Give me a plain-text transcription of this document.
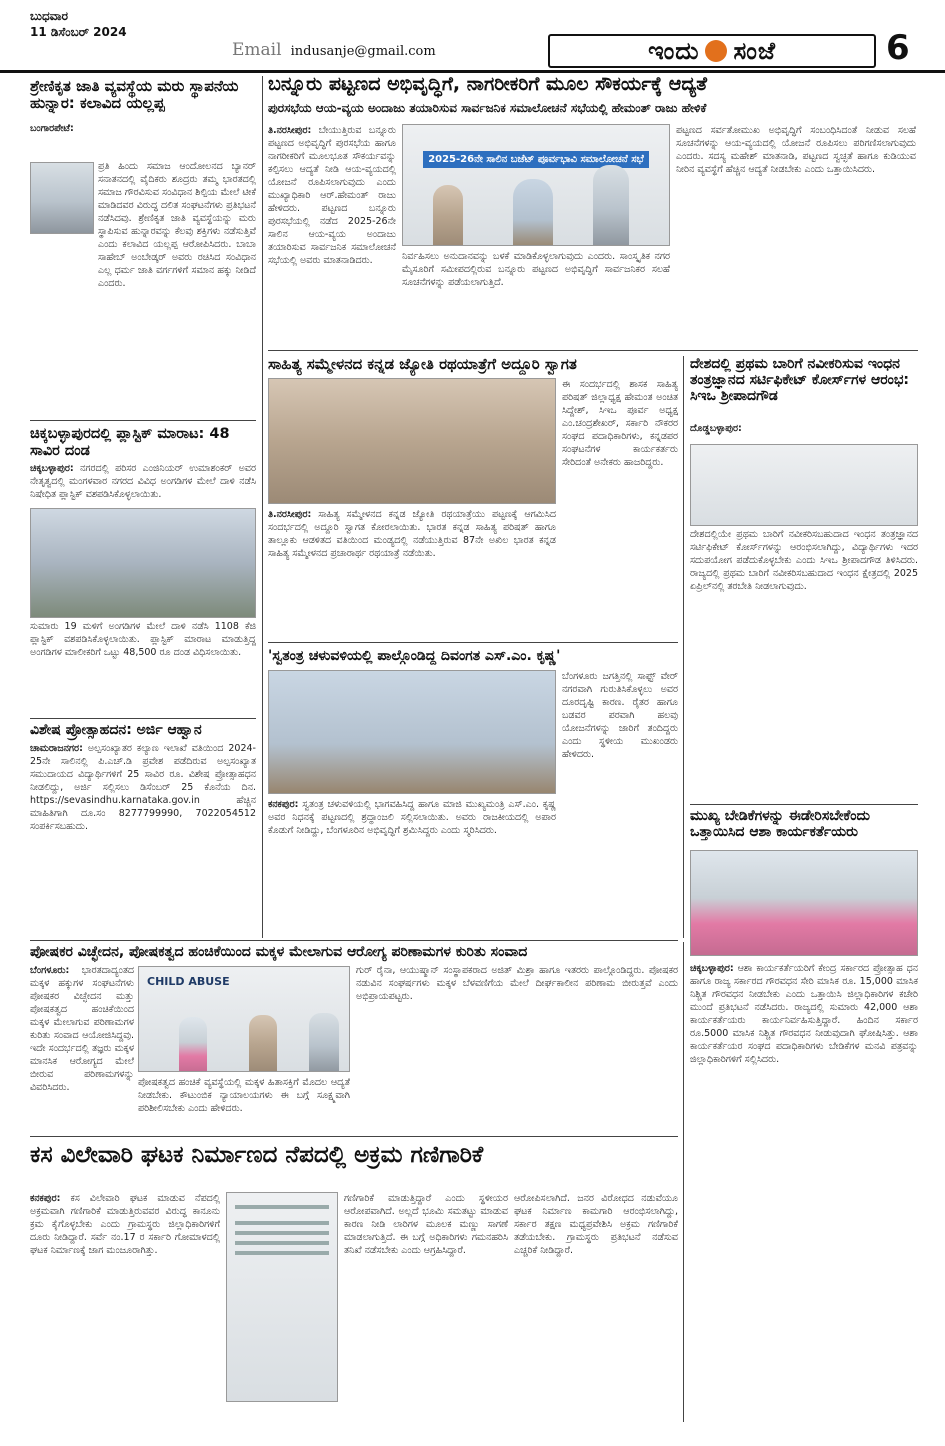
ಬುಧವಾರ
11 ಡಿಸೆಂಬರ್ 2024
Email indusanje@gmail.com	ಇಂದು ಸಂಜೆ	6
ಶ್ರೇಣಿಕೃತ ಜಾತಿ ವ್ಯವಸ್ಥೆಯ ಮರು ಸ್ಥಾಪನೆಯ ಹುನ್ನಾರ: ಕಲಾವಿದ ಯಲ್ಲಪ್ಪ
ಬಂಗಾರಪೇಟೆ:
ಪ್ರತಿ ಹಿಂದು ಸಮಾಜ ಆಂದೋಲನದ ಬ್ಯಾನರ್ ಸನಾತನದಲ್ಲಿ ವೈದಿಕರು ಶೂದ್ರರು ತಮ್ಮ ಭಾರತದಲ್ಲಿ ಸಮಾಜ ಗೌರವಿಸುವ ಸಂವಿಧಾನ ಶಿಲ್ಪಿಯ ಮೇಲೆ ಟೀಕೆ ಮಾಡಿದವರ ವಿರುದ್ಧ ದಲಿತ ಸಂಘಟನೆಗಳು ಪ್ರತಿಭಟನೆ ನಡೆಸಿದವು. ಶ್ರೇಣಿಕೃತ ಜಾತಿ ವ್ಯವಸ್ಥೆಯನ್ನು ಮರು ಸ್ಥಾಪಿಸುವ ಹುನ್ನಾರವನ್ನು ಕೆಲವು ಶಕ್ತಿಗಳು ನಡೆಸುತ್ತಿವೆ ಎಂದು ಕಲಾವಿದ ಯಲ್ಲಪ್ಪ ಆರೋಪಿಸಿದರು. ಬಾಬಾ ಸಾಹೇಬ್ ಅಂಬೇಡ್ಕರ್ ಅವರು ರಚಿಸಿದ ಸಂವಿಧಾನ ಎಲ್ಲ ಧರ್ಮ ಜಾತಿ ವರ್ಗಗಳಿಗೆ ಸಮಾನ ಹಕ್ಕು ನೀಡಿದೆ ಎಂದರು.
ಚಿಕ್ಕಬಳ್ಳಾಪುರದಲ್ಲಿ ಪ್ಲಾಸ್ಟಿಕ್ ಮಾರಾಟ: 48 ಸಾವಿರ ದಂಡ
ಚಿಕ್ಕಬಳ್ಳಾಪುರ: ನಗರದಲ್ಲಿ ಪರಿಸರ ಎಂಜಿನಿಯರ್ ಉಮಾಶಂಕರ್ ಅವರ ನೇತೃತ್ವದಲ್ಲಿ ಮಂಗಳವಾರ ನಗರದ ವಿವಿಧ ಅಂಗಡಿಗಳ ಮೇಲೆ ದಾಳಿ ನಡೆಸಿ ನಿಷೇಧಿತ ಪ್ಲಾಸ್ಟಿಕ್ ವಶಪಡಿಸಿಕೊಳ್ಳಲಾಯಿತು.
ಸುಮಾರು 19 ಮಳಿಗೆ ಅಂಗಡಿಗಳ ಮೇಲೆ ದಾಳಿ ನಡೆಸಿ 1108 ಕೆಜಿ ಪ್ಲಾಸ್ಟಿಕ್ ವಶಪಡಿಸಿಕೊಳ್ಳಲಾಯಿತು. ಪ್ಲಾಸ್ಟಿಕ್ ಮಾರಾಟ ಮಾಡುತ್ತಿದ್ದ ಅಂಗಡಿಗಳ ಮಾಲೀಕರಿಗೆ ಒಟ್ಟು 48,500 ರೂ ದಂಡ ವಿಧಿಸಲಾಯಿತು.
ವಿಶೇಷ ಪ್ರೋತ್ಸಾಹದನ: ಅರ್ಜಿ ಆಹ್ವಾನ
ಚಾಮರಾಜನಗರ: ಅಲ್ಪಸಂಖ್ಯಾತರ ಕಲ್ಯಾಣ ಇಲಾಖೆ ವತಿಯಿಂದ 2024-25ನೇ ಸಾಲಿನಲ್ಲಿ ಪಿ.ಎಚ್.ಡಿ ಪ್ರವೇಶ ಪಡೆದಿರುವ ಅಲ್ಪಸಂಖ್ಯಾತ ಸಮುದಾಯದ ವಿದ್ಯಾರ್ಥಿಗಳಿಗೆ 25 ಸಾವಿರ ರೂ. ವಿಶೇಷ ಪ್ರೋತ್ಸಾಹಧನ ನೀಡಲಿದ್ದು, ಅರ್ಜಿ ಸಲ್ಲಿಸಲು ಡಿಸೆಂಬರ್ 25 ಕೊನೆಯ ದಿನ. https://sevasindhu.karnataka.gov.in ಹೆಚ್ಚಿನ ಮಾಹಿತಿಗಾಗಿ ದೂ.ಸಂ 8277799990, 7022054512 ಸಂಪರ್ಕಿಸಬಹುದು.
ಬನ್ನೂರು ಪಟ್ಟಣದ ಅಭಿವೃದ್ಧಿಗೆ, ನಾಗರೀಕರಿಗೆ ಮೂಲ ಸೌಕರ್ಯಕ್ಕೆ ಆದ್ಯತೆ
ಪುರಸಭೆಯ ಆಯ-ವ್ಯಯ ಅಂದಾಜು ತಯಾರಿಸುವ ಸಾರ್ವಜನಿಕ ಸಮಾಲೋಚನೆ ಸಭೆಯಲ್ಲಿ ಹೇಮಂತ್ ರಾಜು ಹೇಳಿಕೆ
ತಿ.ನರಸೀಪುರ: ಬೇಯುತ್ತಿರುವ ಬನ್ನೂರು ಪಟ್ಟಣದ ಅಭಿವೃದ್ಧಿಗೆ ಪುರಸಭೆಯ ಹಾಗೂ ನಾಗರೀಕರಿಗೆ ಮೂಲಭೂತ ಸೌಕರ್ಯವನ್ನು ಕಲ್ಪಿಸಲು ಆದ್ಯತೆ ನೀಡಿ ಆಯ-ವ್ಯಯದಲ್ಲಿ ಯೋಜನೆ ರೂಪಿಸಲಾಗುವುದು ಎಂದು ಮುಖ್ಯಾಧಿಕಾರಿ ಆರ್.ಹೇಮಂತ್ ರಾಜು ಹೇಳಿದರು. ಪಟ್ಟಣದ ಬನ್ನೂರು ಪುರಸಭೆಯಲ್ಲಿ ನಡೆದ 2025-26ನೇ ಸಾಲಿನ ಆಯ-ವ್ಯಯ ಅಂದಾಜು ತಯಾರಿಸುವ ಸಾರ್ವಜನಿಕ ಸಮಾಲೋಚನೆ ಸಭೆಯಲ್ಲಿ ಅವರು ಮಾತನಾಡಿದರು.
2025-26ನೇ ಸಾಲಿನ ಬಜೆಟ್ ಪೂರ್ವಭಾವಿ ಸಮಾಲೋಚನೆ ಸಭೆ
ನಿರ್ವಹಿಸಲು ಅನುದಾನವನ್ನು ಬಳಕೆ ಮಾಡಿಕೊಳ್ಳಲಾಗುವುದು ಎಂದರು. ಸಾಂಸ್ಕೃತಿಕ ನಗರ ಮೈಸೂರಿಗೆ ಸಮೀಪದಲ್ಲಿರುವ ಬನ್ನೂರು ಪಟ್ಟಣದ ಅಭಿವೃದ್ಧಿಗೆ ಸಾರ್ವಜನಿಕರ ಸಲಹೆ ಸೂಚನೆಗಳನ್ನು ಪಡೆಯಲಾಗುತ್ತಿದೆ.
ಪಟ್ಟಣದ ಸರ್ವತೋಮುಖ ಅಭಿವೃದ್ಧಿಗೆ ಸಂಬಂಧಿಸಿದಂತೆ ನೀಡುವ ಸಲಹೆ ಸೂಚನೆಗಳನ್ನು ಆಯ-ವ್ಯಯದಲ್ಲಿ ಯೋಜನೆ ರೂಪಿಸಲು ಪರಿಗಣಿಸಲಾಗುವುದು ಎಂದರು. ಸದಸ್ಯ ಮಹೇಶ್ ಮಾತನಾಡಿ, ಪಟ್ಟಣದ ಸ್ವಚ್ಛತೆ ಹಾಗೂ ಕುಡಿಯುವ ನೀರಿನ ವ್ಯವಸ್ಥೆಗೆ ಹೆಚ್ಚಿನ ಆದ್ಯತೆ ನೀಡಬೇಕು ಎಂದು ಒತ್ತಾಯಿಸಿದರು.
ಸಾಹಿತ್ಯ ಸಮ್ಮೇಳನದ ಕನ್ನಡ ಜ್ಯೋತಿ ರಥಯಾತ್ರೆಗೆ ಅದ್ದೂರಿ ಸ್ವಾಗತ
ಈ ಸಂದರ್ಭದಲ್ಲಿ ಶಾಸಕ ಸಾಹಿತ್ಯ ಪರಿಷತ್ ಜಿಲ್ಲಾಧ್ಯಕ್ಷ ಹೇಮಂತ ಅಂಚಿತ ಸಿದ್ದೇಶ್, ಸಿಇಒ ಪೂರ್ವ ಅಧ್ಯಕ್ಷ ಎಂ.ಚಂದ್ರಶೇಖರ್, ಸರ್ಕಾರಿ ನೌಕರರ ಸಂಘದ ಪದಾಧಿಕಾರಿಗಳು, ಕನ್ನಡಪರ ಸಂಘಟನೆಗಳ ಕಾರ್ಯಕರ್ತರು ಸೇರಿದಂತೆ ಅನೇಕರು ಹಾಜರಿದ್ದರು.
ತಿ.ನರಸೀಪುರ: ಸಾಹಿತ್ಯ ಸಮ್ಮೇಳನದ ಕನ್ನಡ ಜ್ಯೋತಿ ರಥಯಾತ್ರೆಯು ಪಟ್ಟಣಕ್ಕೆ ಆಗಮಿಸಿದ ಸಂದರ್ಭದಲ್ಲಿ ಅದ್ದೂರಿ ಸ್ವಾಗತ ಕೋರಲಾಯಿತು. ಭಾರತ ಕನ್ನಡ ಸಾಹಿತ್ಯ ಪರಿಷತ್ ಹಾಗೂ ತಾಲ್ಲೂಕು ಆಡಳಿತದ ವತಿಯಿಂದ ಮಂಡ್ಯದಲ್ಲಿ ನಡೆಯುತ್ತಿರುವ 87ನೇ ಅಖಿಲ ಭಾರತ ಕನ್ನಡ ಸಾಹಿತ್ಯ ಸಮ್ಮೇಳನದ ಪ್ರಚಾರಾರ್ಥ ರಥಯಾತ್ರೆ ನಡೆಯಿತು.
'ಸ್ವತಂತ್ರ ಚಳುವಳಿಯಲ್ಲಿ ಪಾಲ್ಗೊಂಡಿದ್ದ ದಿವಂಗತ ಎಸ್.ಎಂ. ಕೃಷ್ಣ'
ಬೆಂಗಳೂರು ಜಗತ್ತಿನಲ್ಲಿ ಸಾಫ್ಟ್ ವೇರ್ ನಗರವಾಗಿ ಗುರುತಿಸಿಕೊಳ್ಳಲು ಅವರ ದೂರದೃಷ್ಟಿ ಕಾರಣ. ರೈತರ ಹಾಗೂ ಬಡವರ ಪರವಾಗಿ ಹಲವು ಯೋಜನೆಗಳನ್ನು ಜಾರಿಗೆ ತಂದಿದ್ದರು ಎಂದು ಸ್ಥಳೀಯ ಮುಖಂಡರು ಹೇಳಿದರು.
ಕನಕಪುರ: ಸ್ವತಂತ್ರ ಚಳುವಳಿಯಲ್ಲಿ ಭಾಗವಹಿಸಿದ್ದ ಹಾಗೂ ಮಾಜಿ ಮುಖ್ಯಮಂತ್ರಿ ಎಸ್.ಎಂ. ಕೃಷ್ಣ ಅವರ ನಿಧನಕ್ಕೆ ಪಟ್ಟಣದಲ್ಲಿ ಶ್ರದ್ಧಾಂಜಲಿ ಸಲ್ಲಿಸಲಾಯಿತು. ಅವರು ರಾಜಕೀಯದಲ್ಲಿ ಅಪಾರ ಕೊಡುಗೆ ನೀಡಿದ್ದು, ಬೆಂಗಳೂರಿನ ಅಭಿವೃದ್ಧಿಗೆ ಶ್ರಮಿಸಿದ್ದರು ಎಂದು ಸ್ಮರಿಸಿದರು.
ದೇಶದಲ್ಲಿ ಪ್ರಥಮ ಬಾರಿಗೆ ನವೀಕರಿಸುವ ಇಂಧನ ತಂತ್ರಜ್ಞಾನದ ಸರ್ಟಿಫಿಕೇಟ್ ಕೋರ್ಸ್‌ಗಳ ಆರಂಭ: ಸಿಇಒ ಶ್ರೀಪಾದಗೌಡ
ದೊಡ್ಡಬಳ್ಳಾಪುರ:
ದೇಶದಲ್ಲಿಯೇ ಪ್ರಥಮ ಬಾರಿಗೆ ನವೀಕರಿಸಬಹುದಾದ ಇಂಧನ ತಂತ್ರಜ್ಞಾನದ ಸರ್ಟಿಫಿಕೇಟ್ ಕೋರ್ಸ್‌ಗಳನ್ನು ಆರಂಭಿಸಲಾಗಿದ್ದು, ವಿದ್ಯಾರ್ಥಿಗಳು ಇದರ ಸದುಪಯೋಗ ಪಡೆದುಕೊಳ್ಳಬೇಕು ಎಂದು ಸಿಇಒ ಶ್ರೀಪಾದಗೌಡ ತಿಳಿಸಿದರು. ರಾಜ್ಯದಲ್ಲಿ ಪ್ರಥಮ ಬಾರಿಗೆ ನವೀಕರಿಸಬಹುದಾದ ಇಂಧನ ಕ್ಷೇತ್ರದಲ್ಲಿ 2025 ಏಪ್ರಿಲ್‌ನಲ್ಲಿ ತರಬೇತಿ ನೀಡಲಾಗುವುದು.
ಮುಖ್ಯ ಬೇಡಿಕೆಗಳನ್ನು ಈಡೇರಿಸಬೇಕೆಂದು ಒತ್ತಾಯಿಸಿದ ಆಶಾ ಕಾರ್ಯಕರ್ತೆಯರು
ಚಿಕ್ಕಬಳ್ಳಾಪುರ: ಆಶಾ ಕಾರ್ಯಕರ್ತೆಯರಿಗೆ ಕೇಂದ್ರ ಸರ್ಕಾರದ ಪ್ರೋತ್ಸಾಹ ಧನ ಹಾಗೂ ರಾಜ್ಯ ಸರ್ಕಾರದ ಗೌರವಧನ ಸೇರಿ ಮಾಸಿಕ ರೂ. 15,000 ಮಾಸಿಕ ನಿಶ್ಚಿತ ಗೌರವಧನ ನೀಡಬೇಕು ಎಂದು ಒತ್ತಾಯಿಸಿ ಜಿಲ್ಲಾಧಿಕಾರಿಗಳ ಕಚೇರಿ ಮುಂದೆ ಪ್ರತಿಭಟನೆ ನಡೆಸಿದರು. ರಾಜ್ಯದಲ್ಲಿ ಸುಮಾರು 42,000 ಆಶಾ ಕಾರ್ಯಕರ್ತೆಯರು ಕಾರ್ಯನಿರ್ವಹಿಸುತ್ತಿದ್ದಾರೆ. ಹಿಂದಿನ ಸರ್ಕಾರ ರೂ.5000 ಮಾಸಿಕ ನಿಶ್ಚಿತ ಗೌರವಧನ ನೀಡುವುದಾಗಿ ಘೋಷಿಸಿತ್ತು. ಆಶಾ ಕಾರ್ಯಕರ್ತೆಯರ ಸಂಘದ ಪದಾಧಿಕಾರಿಗಳು ಬೇಡಿಕೆಗಳ ಮನವಿ ಪತ್ರವನ್ನು ಜಿಲ್ಲಾಧಿಕಾರಿಗಳಿಗೆ ಸಲ್ಲಿಸಿದರು.
ಪೋಷಕರ ವಿಚ್ಛೇದನ, ಪೋಷಕತ್ವದ ಹಂಚಿಕೆಯಿಂದ ಮಕ್ಕಳ ಮೇಲಾಗುವ ಆರೋಗ್ಯ ಪರಿಣಾಮಗಳ ಕುರಿತು ಸಂವಾದ
ಬೆಂಗಳೂರು: ಭಾರತದಾದ್ಯಂತದ ಮಕ್ಕಳ ಹಕ್ಕುಗಳ ಸಂಘಟನೆಗಳು ಪೋಷಕರ ವಿಚ್ಛೇದನ ಮತ್ತು ಪೋಷಕತ್ವದ ಹಂಚಿಕೆಯಿಂದ ಮಕ್ಕಳ ಮೇಲಾಗುವ ಪರಿಣಾಮಗಳ ಕುರಿತು ಸಂವಾದ ಆಯೋಜಿಸಿದ್ದವು. ಇದೇ ಸಂದರ್ಭದಲ್ಲಿ ತಜ್ಞರು ಮಕ್ಕಳ ಮಾನಸಿಕ ಆರೋಗ್ಯದ ಮೇಲೆ ಬೀರುವ ಪರಿಣಾಮಗಳನ್ನು ವಿವರಿಸಿದರು.
CHILD ABUSE
ಪೋಷಕತ್ವದ ಹಂಚಿಕೆ ವ್ಯವಸ್ಥೆಯಲ್ಲಿ ಮಕ್ಕಳ ಹಿತಾಸಕ್ತಿಗೆ ಮೊದಲ ಆದ್ಯತೆ ನೀಡಬೇಕು. ಕೌಟುಂಬಿಕ ನ್ಯಾಯಾಲಯಗಳು ಈ ಬಗ್ಗೆ ಸೂಕ್ಷ್ಮವಾಗಿ ಪರಿಶೀಲಿಸಬೇಕು ಎಂದು ಹೇಳಿದರು.
ಗುರ್ ರೈನಾ, ಆಯುಷ್ಮಾನ್ ಸಂಸ್ಥಾಪಕರಾದ ಅಜಿತ್ ಮಿಶ್ರಾ ಹಾಗೂ ಇತರರು ಪಾಲ್ಗೊಂಡಿದ್ದರು. ಪೋಷಕರ ನಡುವಿನ ಸಂಘರ್ಷಗಳು ಮಕ್ಕಳ ಬೆಳವಣಿಗೆಯ ಮೇಲೆ ದೀರ್ಘಕಾಲೀನ ಪರಿಣಾಮ ಬೀರುತ್ತವೆ ಎಂದು ಅಭಿಪ್ರಾಯಪಟ್ಟರು.
ಕಸ ವಿಲೇವಾರಿ ಘಟಕ ನಿರ್ಮಾಣದ ನೆಪದಲ್ಲಿ ಅಕ್ರಮ ಗಣಿಗಾರಿಕೆ
ಕನಕಪುರ: ಕಸ ವಿಲೇವಾರಿ ಘಟಕ ಮಾಡುವ ನೆಪದಲ್ಲಿ ಅಕ್ರಮವಾಗಿ ಗಣಿಗಾರಿಕೆ ಮಾಡುತ್ತಿರುವವರ ವಿರುದ್ಧ ಕಾನೂನು ಕ್ರಮ ಕೈಗೊಳ್ಳಬೇಕು ಎಂದು ಗ್ರಾಮಸ್ಥರು ಜಿಲ್ಲಾಧಿಕಾರಿಗಳಿಗೆ ದೂರು ನೀಡಿದ್ದಾರೆ. ಸರ್ವೆ ನಂ.17 ರ ಸರ್ಕಾರಿ ಗೋಮಾಳದಲ್ಲಿ ಘಟಕ ನಿರ್ಮಾಣಕ್ಕೆ ಜಾಗ ಮಂಜೂರಾಗಿತ್ತು.
ಗಣಿಗಾರಿಕೆ ಮಾಡುತ್ತಿದ್ದಾರೆ ಎಂದು ಸ್ಥಳೀಯರ ಆರೋಪವಾಗಿದೆ. ಅಲ್ಲದೆ ಭೂಮಿ ಸಮತಟ್ಟು ಮಾಡುವ ಕಾರಣ ನೀಡಿ ಲಾರಿಗಳ ಮೂಲಕ ಮಣ್ಣು ಸಾಗಣೆ ಮಾಡಲಾಗುತ್ತಿದೆ. ಈ ಬಗ್ಗೆ ಅಧಿಕಾರಿಗಳು ಗಮನಹರಿಸಿ ತನಿಖೆ ನಡೆಸಬೇಕು ಎಂದು ಆಗ್ರಹಿಸಿದ್ದಾರೆ.
ಆರೋಪಿಸಲಾಗಿದೆ. ಜನರ ವಿರೋಧದ ನಡುವೆಯೂ ಘಟಕ ನಿರ್ಮಾಣ ಕಾಮಗಾರಿ ಆರಂಭಿಸಲಾಗಿದ್ದು, ಸರ್ಕಾರ ತಕ್ಷಣ ಮಧ್ಯಪ್ರವೇಶಿಸಿ ಅಕ್ರಮ ಗಣಿಗಾರಿಕೆ ತಡೆಯಬೇಕು. ಗ್ರಾಮಸ್ಥರು ಪ್ರತಿಭಟನೆ ನಡೆಸುವ ಎಚ್ಚರಿಕೆ ನೀಡಿದ್ದಾರೆ.
